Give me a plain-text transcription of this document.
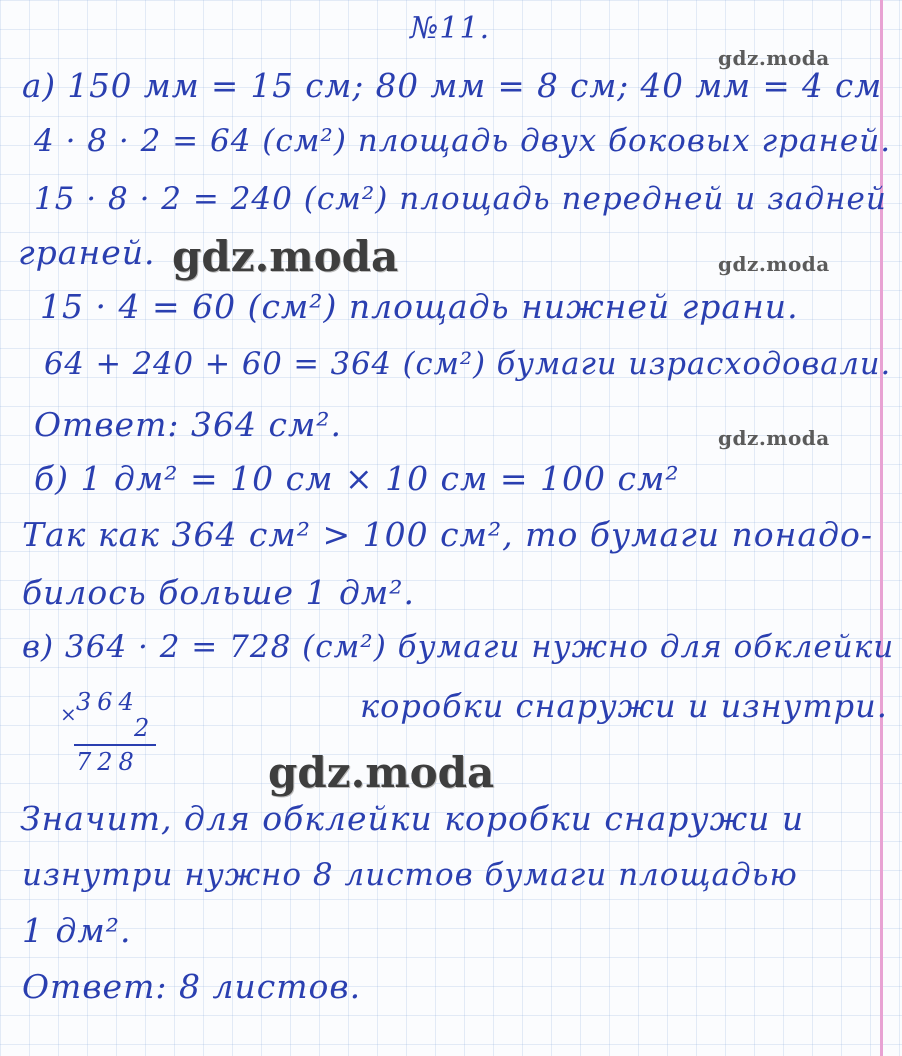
№11.

а) 150 мм = 15 см; 80 мм = 8 см; 40 мм = 4 см

4 · 8 · 2 = 64 (см²) площадь двух боковых граней.

15 · 8 · 2 = 240 (см²) площадь передней и задней

граней.

15 · 4 = 60 (см²) площадь нижней грани.

64 + 240 + 60 = 364 (см²) бумаги израсходовали.

Ответ: 364 см².

б) 1 дм² = 10 см × 10 см = 100 см²

Так как 364 см² > 100 см², то бумаги понадо-

билось больше 1 дм².

в) 364 · 2 = 728 (см²) бумаги нужно для обклейки

коробки снаружи и изнутри.

×
364
2
728

Значит, для обклейки коробки снаружи и

изнутри нужно 8 листов бумаги площадью

1 дм².

Ответ: 8 листов.

gdz.moda
gdz.moda	gdz.moda
gdz.moda
gdz.moda
